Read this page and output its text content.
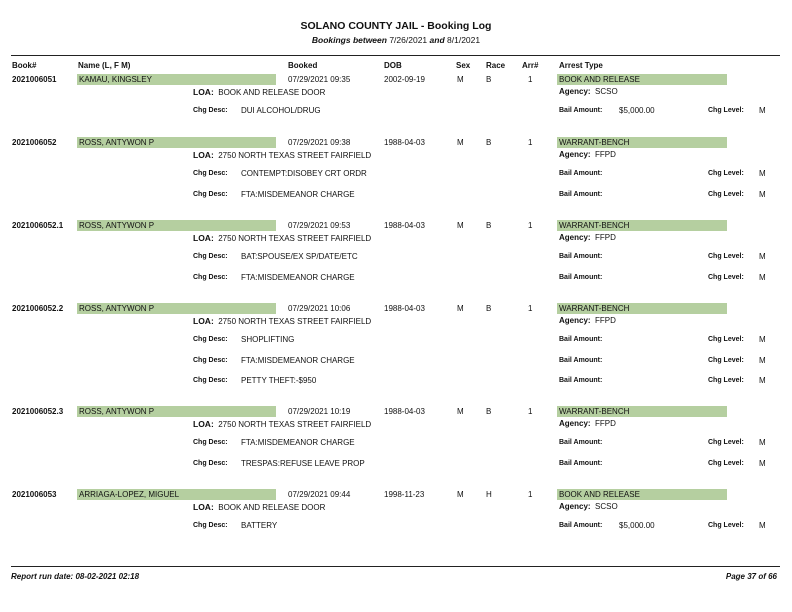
SOLANO COUNTY JAIL - Booking Log
Bookings between 7/26/2021 and 8/1/2021
Book#	Name (L, F M)	Booked	DOB	Sex Race Arr#	Arrest Type
2021006051	KAMAU, KINGSLEY	07/29/2021 09:35	2002-09-19	M	B	1	BOOK AND RELEASE
LOA: BOOK AND RELEASE DOOR	Agency: SCSO
Chg Desc: DUI ALCOHOL/DRUG	Bail Amount: $5,000.00	Chg Level: M
2021006052	ROSS, ANTYWON P	07/29/2021 09:38	1988-04-03	M	B	1	WARRANT-BENCH
LOA: 2750 NORTH TEXAS STREET FAIRFIELD	Agency: FFPD
Chg Desc: CONTEMPT:DISOBEY CRT ORDR	Bail Amount:	Chg Level: M
Chg Desc: FTA:MISDEMEANOR CHARGE	Bail Amount:	Chg Level: M
2021006052.1 ROSS, ANTYWON P	07/29/2021 09:53	1988-04-03	M	B	1	WARRANT-BENCH
LOA: 2750 NORTH TEXAS STREET FAIRFIELD	Agency: FFPD
Chg Desc: BAT:SPOUSE/EX SP/DATE/ETC	Bail Amount:	Chg Level: M
Chg Desc: FTA:MISDEMEANOR CHARGE	Bail Amount:	Chg Level: M
2021006052.2 ROSS, ANTYWON P	07/29/2021 10:06	1988-04-03	M	B	1	WARRANT-BENCH
LOA: 2750 NORTH TEXAS STREET FAIRFIELD	Agency: FFPD
Chg Desc: SHOPLIFTING	Bail Amount:	Chg Level: M
Chg Desc: FTA:MISDEMEANOR CHARGE	Bail Amount:	Chg Level: M
Chg Desc: PETTY THEFT:-$950	Bail Amount:	Chg Level: M
2021006052.3 ROSS, ANTYWON P	07/29/2021 10:19	1988-04-03	M	B	1	WARRANT-BENCH
LOA: 2750 NORTH TEXAS STREET FAIRFIELD	Agency: FFPD
Chg Desc: FTA:MISDEMEANOR CHARGE	Bail Amount:	Chg Level: M
Chg Desc: TRESPAS:REFUSE LEAVE PROP	Bail Amount:	Chg Level: M
2021006053	ARRIAGA-LOPEZ, MIGUEL	07/29/2021 09:44	1998-11-23	M	H	1	BOOK AND RELEASE
LOA: BOOK AND RELEASE DOOR	Agency: SCSO
Chg Desc: BATTERY	Bail Amount: $5,000.00	Chg Level: M
Report run date: 08-02-2021 02:18	Page 37 of 66
